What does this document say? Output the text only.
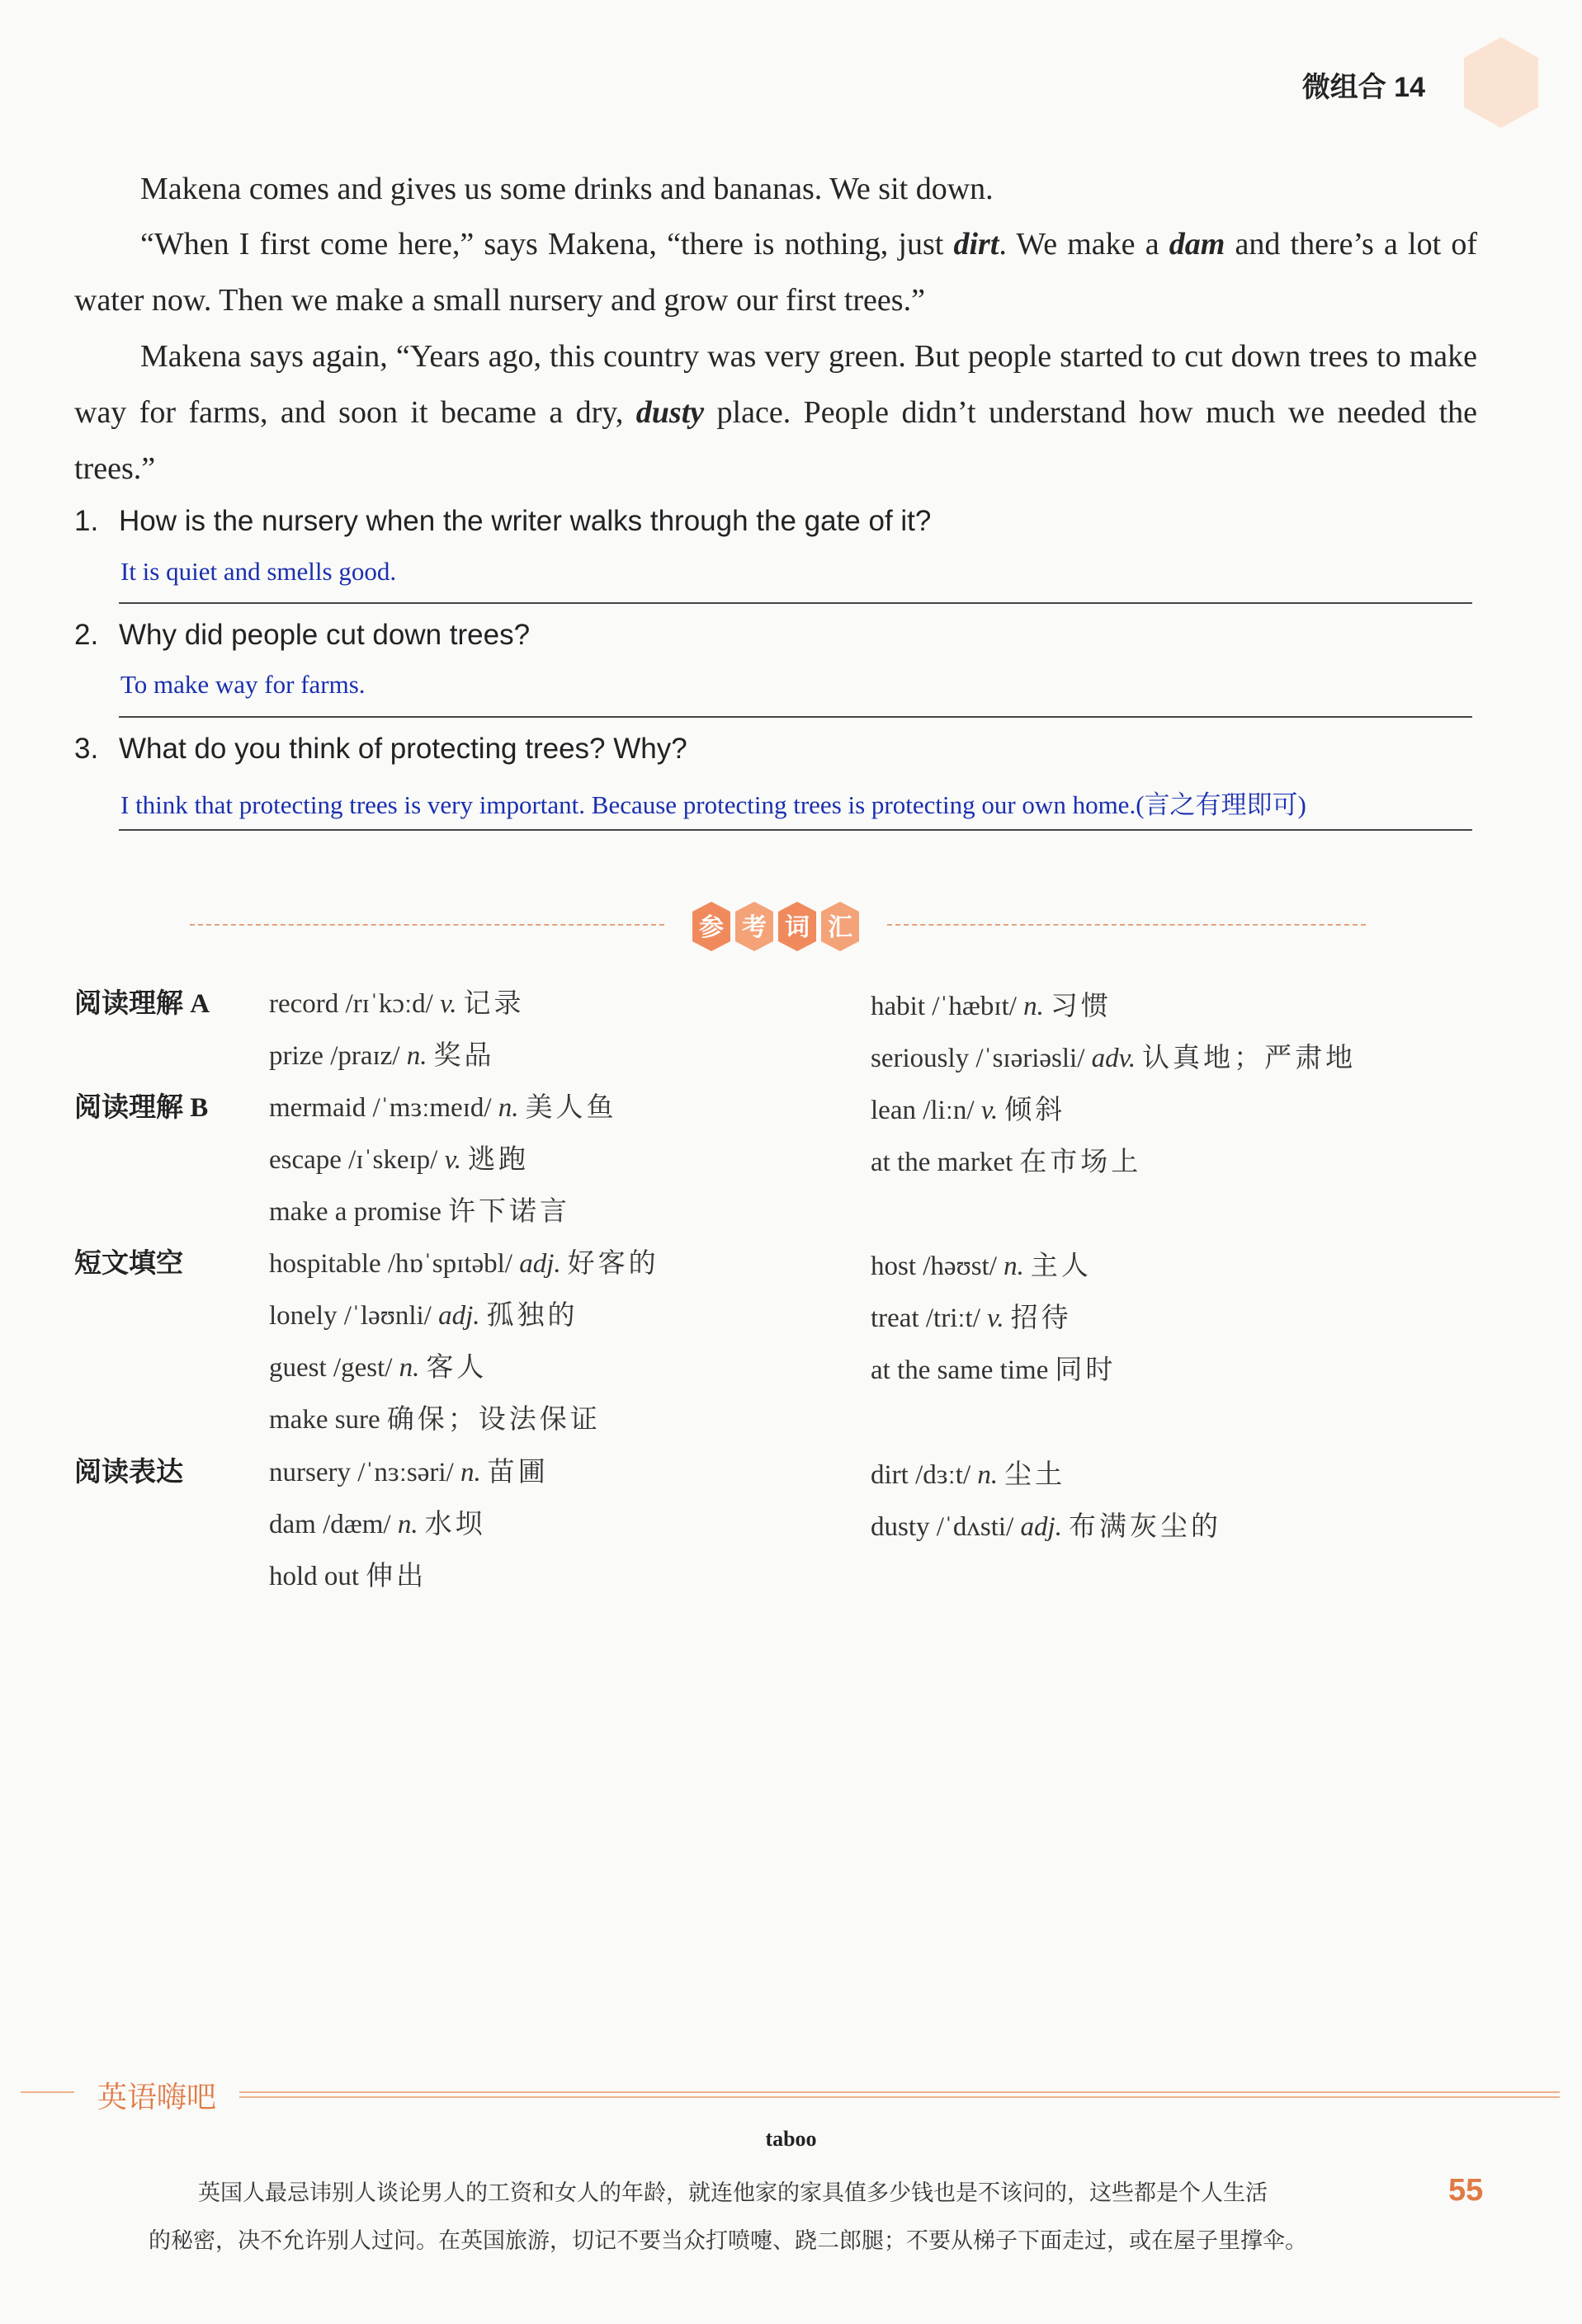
微组合 14
Makena comes and gives us some drinks and bananas. We sit down.
“When I first come here,” says Makena, “there is nothing, just dirt. We make a dam and there’s a lot of water now. Then we make a small nursery and grow our first trees.”
Makena says again, “Years ago, this country was very green. But people started to cut down trees to make way for farms, and soon it became a dry, dusty place. People didn’t understand how much we needed the trees.”
1. How is the nursery when the writer walks through the gate of it?
It is quiet and smells good.
2. Why did people cut down trees?
To make way for farms.
3. What do you think of protecting trees? Why?
I think that protecting trees is very important. Because protecting trees is protecting our own home.(言之有理即可)
参 考 词 汇
阅读理解 A
阅读理解 B
短文填空
阅读表达
record /rɪˈkɔːd/ v. 记录
prize /praɪz/ n. 奖品
mermaid /ˈmɜːmeɪd/ n. 美人鱼
escape /ɪˈskeɪp/ v. 逃跑
make a promise 许下诺言
hospitable /hɒˈspɪtəbl/ adj. 好客的
lonely /ˈləʊnli/ adj. 孤独的
guest /gest/ n. 客人
make sure 确保；设法保证
nursery /ˈnɜːsəri/ n. 苗圃
dam /dæm/ n. 水坝
hold out 伸出
habit /ˈhæbɪt/ n. 习惯
seriously /ˈsɪəriəsli/ adv. 认真地；严肃地
lean /liːn/ v. 倾斜
at the market 在市场上
host /həʊst/ n. 主人
treat /triːt/ v. 招待
at the same time 同时
dirt /dɜːt/ n. 尘土
dusty /ˈdʌsti/ adj. 布满灰尘的
英语嗨吧
taboo
英国人最忌讳别人谈论男人的工资和女人的年龄，就连他家的家具值多少钱也是不该问的，这些都是个人生活
的秘密，决不允许别人过问。在英国旅游，切记不要当众打喷嚏、跷二郎腿；不要从梯子下面走过，或在屋子里撑伞。
55
